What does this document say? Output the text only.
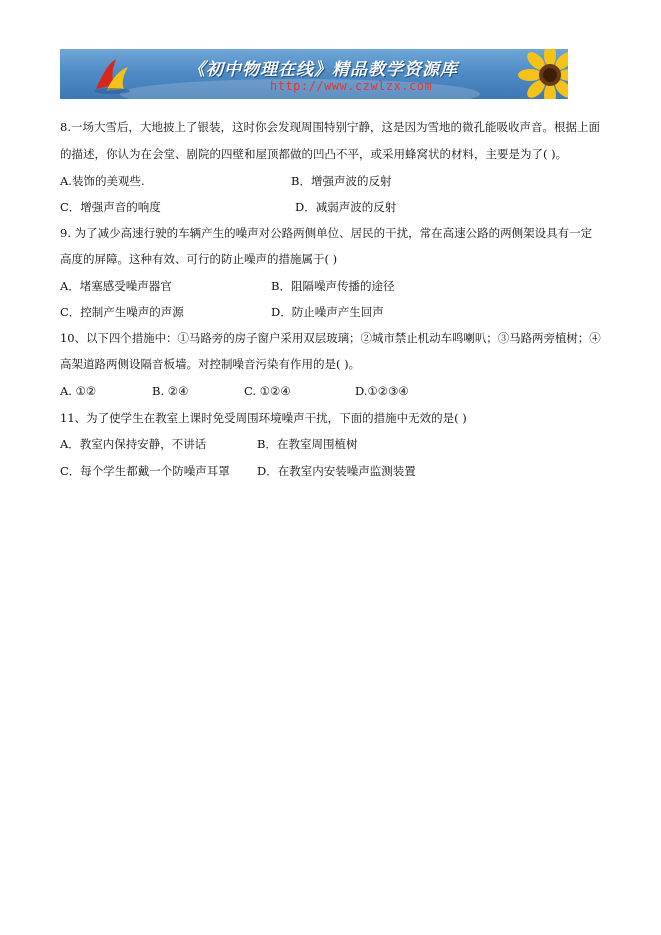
《初中物理在线》精品教学资源库
http://www.czwlzx.com
8.一场大雪后，大地披上了银装，这时你会发现周围特别宁静，这是因为雪地的微孔能吸收声音。根据上面
的描述，你认为在会堂、剧院的四壁和屋顶都做的凹凸不平，或采用蜂窝状的材料，主要是为了( )。
A.装饰的美观些.	B．增强声波的反射
C．增强声音的响度	D．减弱声波的反射
9. 为了减少高速行驶的车辆产生的噪声对公路两侧单位、居民的干扰，常在高速公路的两侧架设具有一定
高度的屏障。这种有效、可行的防止噪声的措施属于( )
A．堵塞感受噪声器官	B．阻隔噪声传播的途径
C．控制产生噪声的声源	D．防止噪声产生回声
10、以下四个措施中：①马路旁的房子窗户采用双层玻璃；②城市禁止机动车鸣喇叭；③马路两旁植树；④
高架道路两侧设隔音板墙。对控制噪音污染有作用的是( )。
A. ①②	B. ②④	C. ①②④	D.①②③④
11、为了使学生在教室上课时免受周围环境噪声干扰，下面的措施中无效的是( )
A．教室内保持安静，不讲话	B．在教室周围植树
C．每个学生都戴一个防噪声耳罩 D．在教室内安装噪声监测装置
